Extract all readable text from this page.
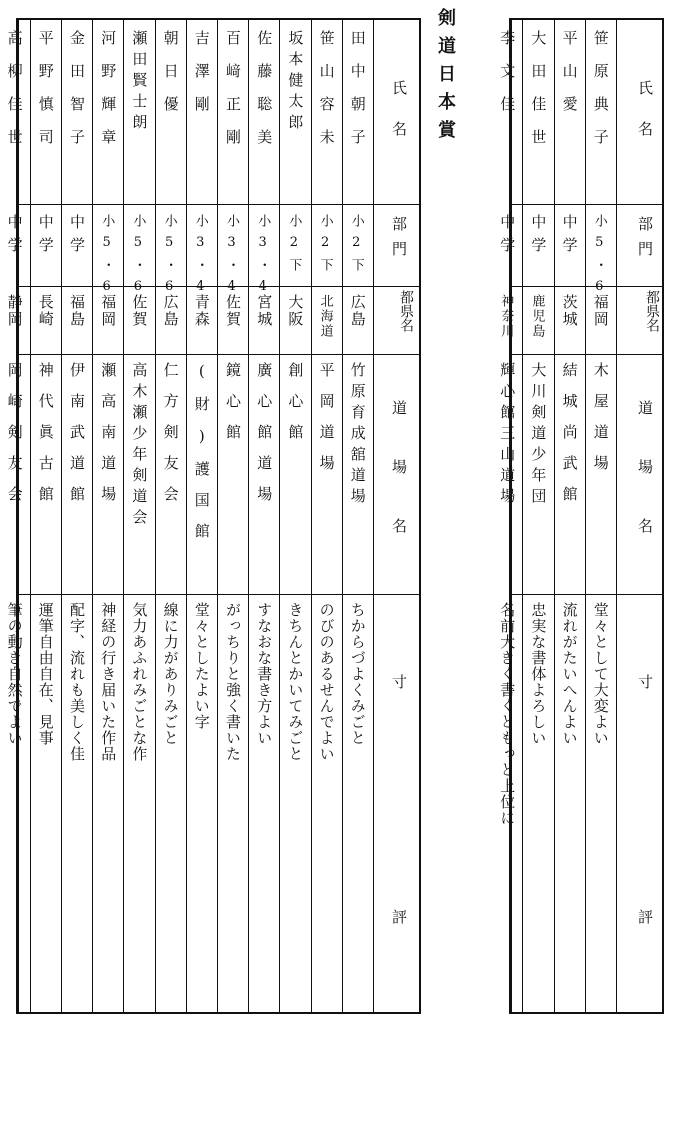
剣道日本賞
氏名
部門
都県名
道場名
寸評
田中朝子
小2下
広島
竹原育成舘道場
ちからづよくみごと
笹山容未
小2下
北海道
平岡道場
のびのあるせんでよい
坂本健太郎
小2下
大阪
創心館
きちんとかいてみごと
佐藤聡美
小3・4
宮城
廣心館道場
すなおな書き方よい
百﨑正剛
小3・4
佐賀
鏡心館
がっちりと強く書いた
吉澤剛
小3・4
青森
(財)護国館
堂々としたよい字
朝日優
小5・6
広島
仁方剣友会
線に力がありみごと
瀬田賢士朗
小5・6
佐賀
高木瀬少年剣道会
気力あふれみごとな作
河野輝章
小5・6
福岡
瀬高南道場
神経の行き届いた作品
金田智子
中学
福島
伊南武道館
配字、流れも美しく佳
平野慎司
中学
長崎
神代眞古館
運筆自由自在、見事
高柳佳世
中学
静岡
岡崎剣友会
筆の動き自然でよい
氏名
部門
都県名
道場名
寸評
笹原典子
小5・6
福岡
木屋道場
堂々として大変よい
平山愛
中学
茨城
結城尚武館
流れがたいへんよい
大田佳世
中学
鹿児島
大川剣道少年団
忠実な書体よろしい
李文佳
中学
神奈川
輝心館三山道場
名前大きく書くともっと上位に
